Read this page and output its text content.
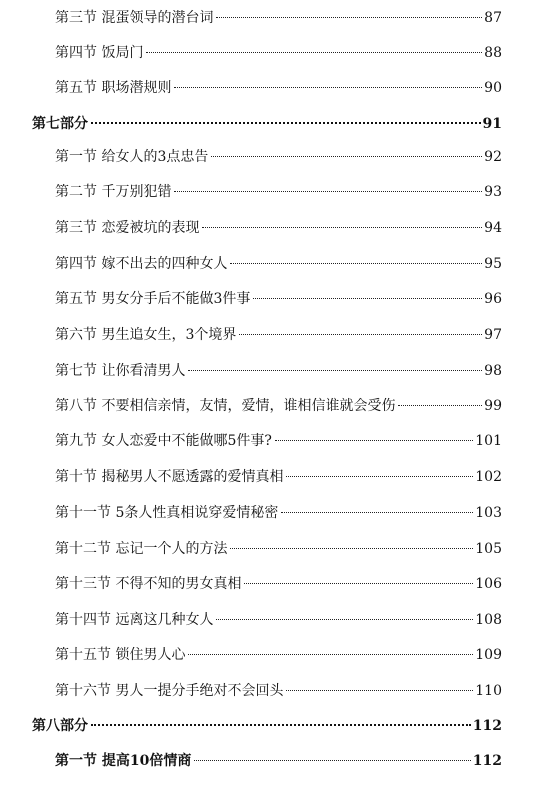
第三节 混蛋领导的潜台词	87
第四节 饭局门	88
第五节 职场潜规则	90
第七部分	91
第一节 给女人的3点忠告	92
第二节 千万别犯错	93
第三节 恋爱被坑的表现	94
第四节 嫁不出去的四种女人	95
第五节 男女分手后不能做3件事	96
第六节 男生追女生，3个境界	97
第七节 让你看清男人	98
第八节 不要相信亲情，友情，爱情，谁相信谁就会受伤	99
第九节 女人恋爱中不能做哪5件事?	101
第十节 揭秘男人不愿透露的爱情真相	102
第十一节 5条人性真相说穿爱情秘密	103
第十二节 忘记一个人的方法	105
第十三节 不得不知的男女真相	106
第十四节 远离这几种女人	108
第十五节 锁住男人心	109
第十六节 男人一提分手绝对不会回头	110
第八部分	112
第一节 提高10倍情商	112
